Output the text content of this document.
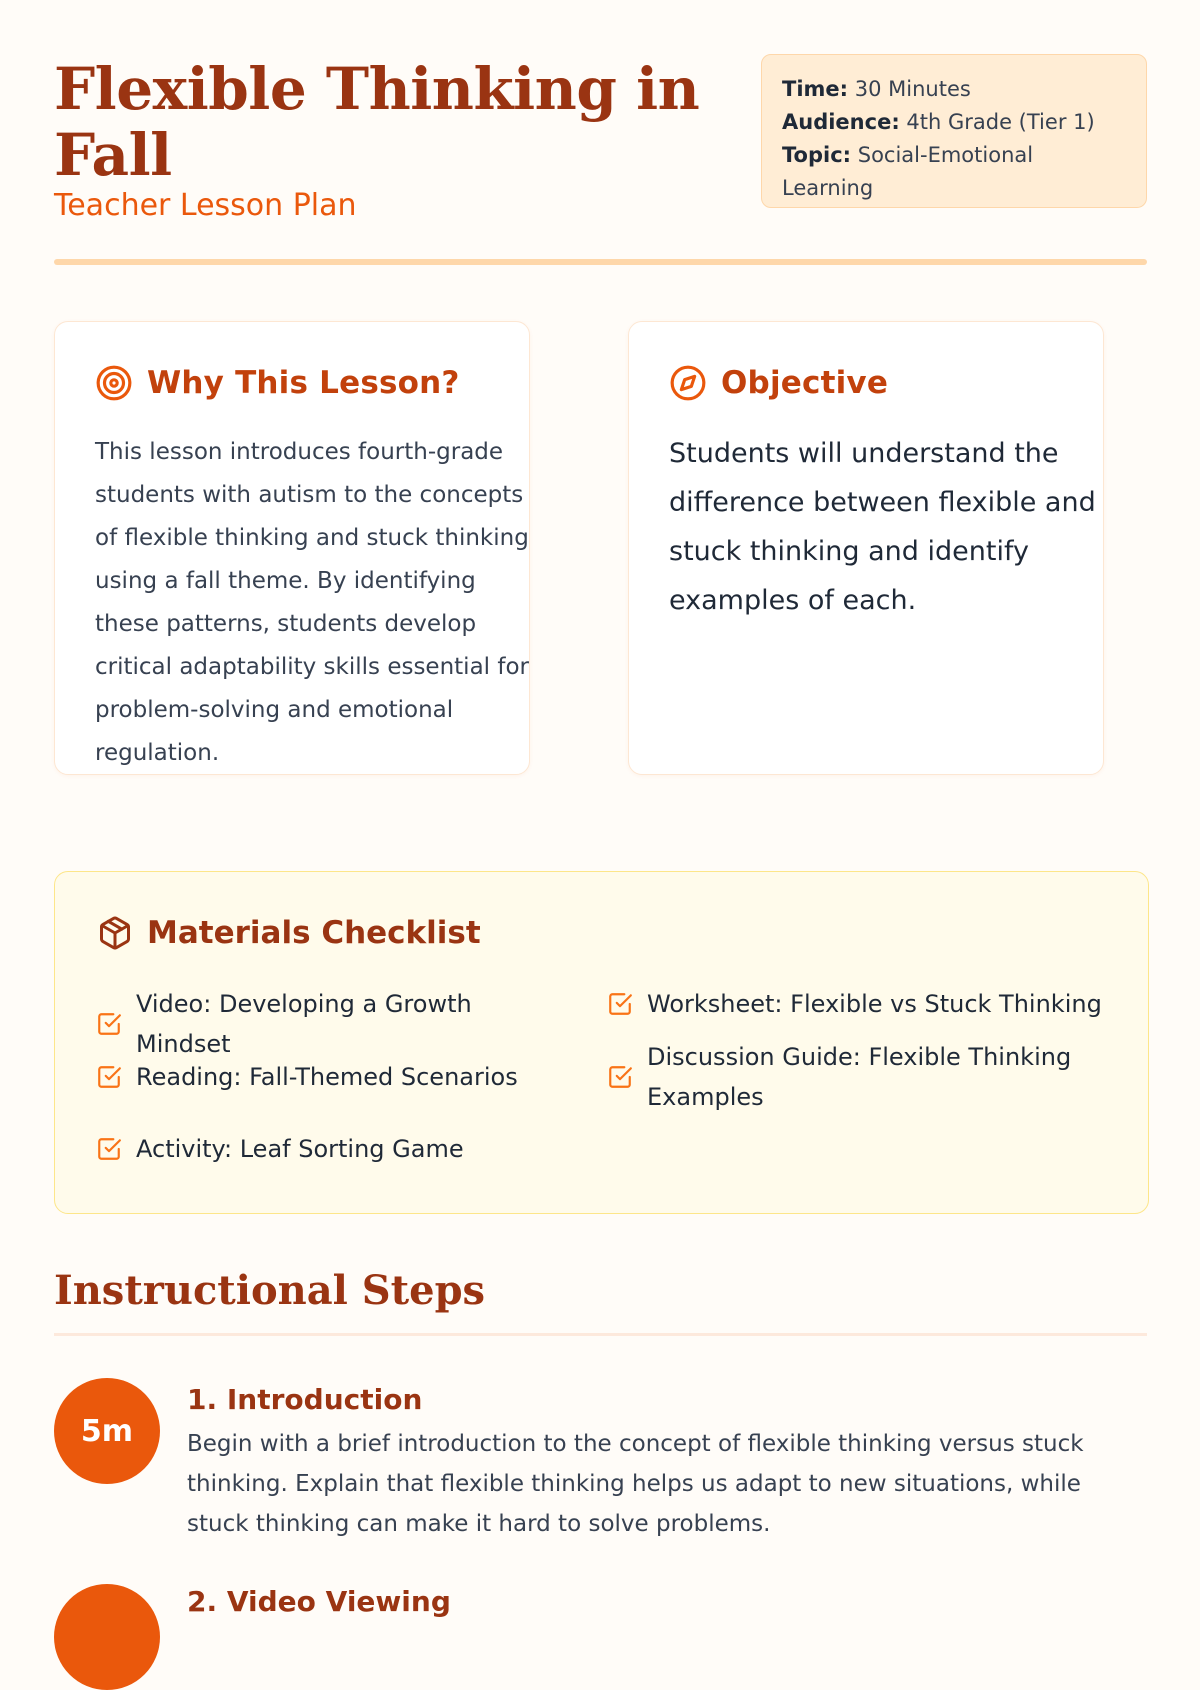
Flexible Thinking in Fall
Teacher Lesson Plan
Time: 30 Minutes
Audience: 4th Grade (Tier 1)
Topic: Social-Emotional Learning
Why This Lesson?
This lesson introduces fourth-grade students with autism to the concepts of flexible thinking and stuck thinking using a fall theme. By identifying these patterns, students develop critical adaptability skills essential for problem-solving and emotional regulation.
Objective
Students will understand the difference between flexible and stuck thinking and identify examples of each.
Materials Checklist
Video: Developing a Growth Mindset
Worksheet: Flexible vs Stuck Thinking
Reading: Fall-Themed Scenarios
Discussion Guide: Flexible Thinking Examples
Activity: Leaf Sorting Game
Instructional Steps
5m
1. Introduction
Begin with a brief introduction to the concept of flexible thinking versus stuck thinking. Explain that flexible thinking helps us adapt to new situations, while stuck thinking can make it hard to solve problems.
2. Video Viewing
